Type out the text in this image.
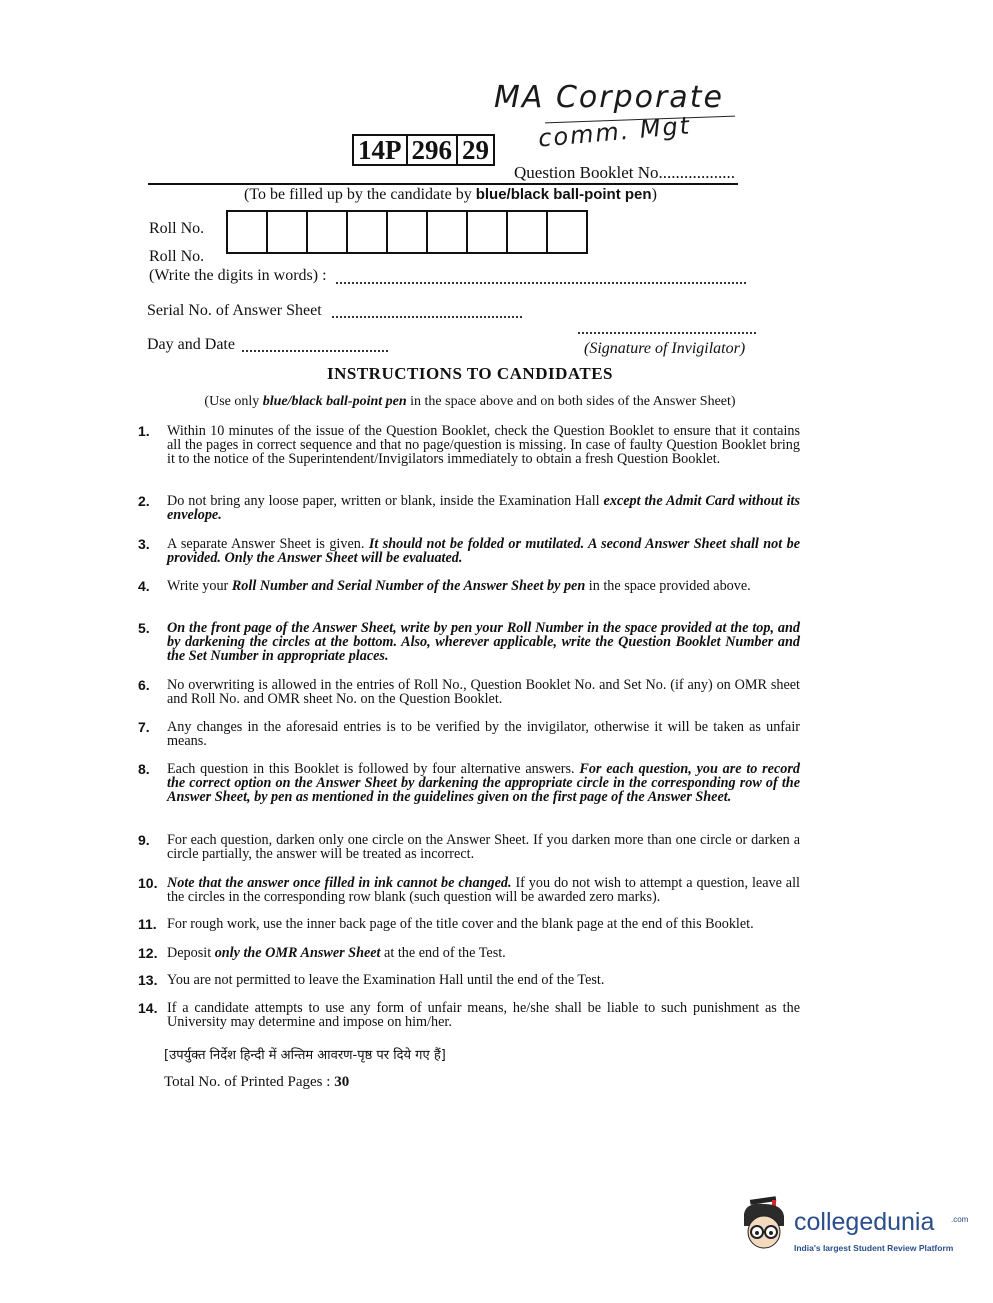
MA Corporate
comm. Mgt
14P 296 29
Question Booklet No..................
(To be filled up by the candidate by blue/black ball-point pen)
Roll No.
Roll No.
(Write the digits in words) :
Serial No. of Answer Sheet
Day and Date	(Signature of Invigilator)
INSTRUCTIONS TO CANDIDATES
(Use only blue/black ball-point pen in the space above and on both sides of the Answer Sheet)
1. Within 10 minutes of the issue of the Question Booklet, check the Question Booklet to ensure that it contains all the pages in correct sequence and that no page/question is missing. In case of faulty Question Booklet bring it to the notice of the Superintendent/Invigilators immediately to obtain a fresh Question Booklet.
2. Do not bring any loose paper, written or blank, inside the Examination Hall except the Admit Card without its envelope.
3. A separate Answer Sheet is given. It should not be folded or mutilated. A second Answer Sheet shall not be provided. Only the Answer Sheet will be evaluated.
4. Write your Roll Number and Serial Number of the Answer Sheet by pen in the space provided above.
5. On the front page of the Answer Sheet, write by pen your Roll Number in the space provided at the top, and by darkening the circles at the bottom. Also, wherever applicable, write the Question Booklet Number and the Set Number in appropriate places.
6. No overwriting is allowed in the entries of Roll No., Question Booklet No. and Set No. (if any) on OMR sheet and Roll No. and OMR sheet No. on the Question Booklet.
7. Any changes in the aforesaid entries is to be verified by the invigilator, otherwise it will be taken as unfair means.
8. Each question in this Booklet is followed by four alternative answers. For each question, you are to record the correct option on the Answer Sheet by darkening the appropriate circle in the corresponding row of the Answer Sheet, by pen as mentioned in the guidelines given on the first page of the Answer Sheet.
9. For each question, darken only one circle on the Answer Sheet. If you darken more than one circle or darken a circle partially, the answer will be treated as incorrect.
10. Note that the answer once filled in ink cannot be changed. If you do not wish to attempt a question, leave all the circles in the corresponding row blank (such question will be awarded zero marks).
11. For rough work, use the inner back page of the title cover and the blank page at the end of this Booklet.
12. Deposit only the OMR Answer Sheet at the end of the Test.
13. You are not permitted to leave the Examination Hall until the end of the Test.
14. If a candidate attempts to use any form of unfair means, he/she shall be liable to such punishment as the University may determine and impose on him/her.
[उपर्युक्त निर्देश हिन्दी में अन्तिम आवरण-पृष्ठ पर दिये गए हैं]
Total No. of Printed Pages : 30
collegedunia .com
India's largest Student Review Platform
